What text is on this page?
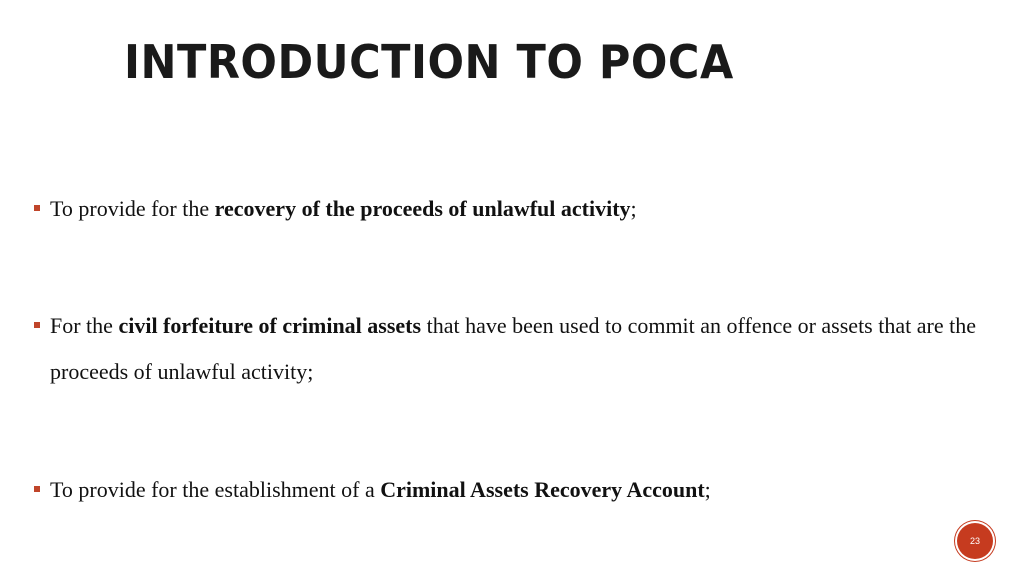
INTRODUCTION TO POCA
To provide for the recovery of the proceeds of unlawful activity;
For the civil forfeiture of criminal assets that have been used to commit an offence or assets that are the proceeds of unlawful activity;
To provide for the establishment of a Criminal Assets Recovery Account;
23
